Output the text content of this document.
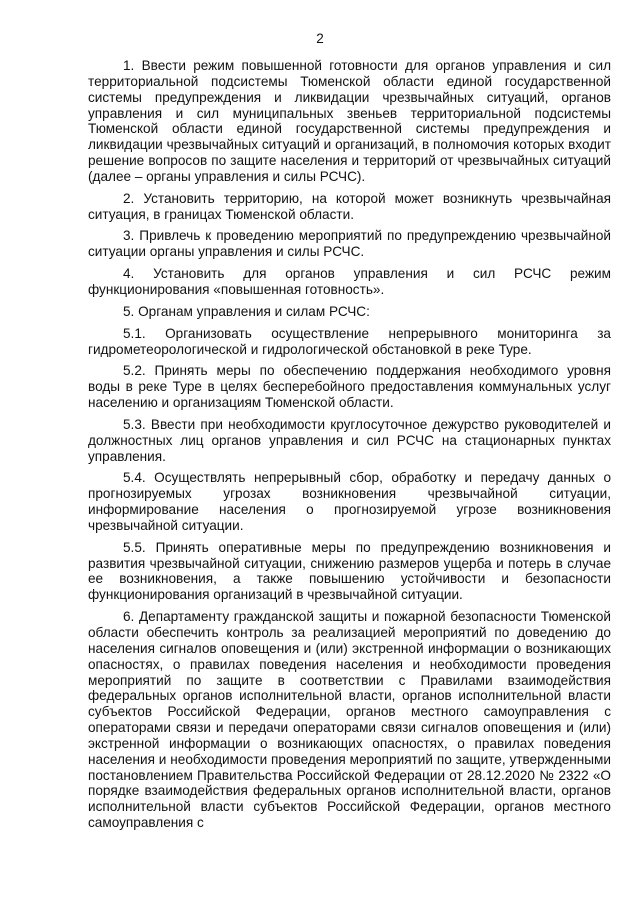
2

1. Ввести режим повышенной готовности для органов управления и сил территориальной подсистемы Тюменской области единой государственной системы предупреждения и ликвидации чрезвычайных ситуаций, органов управления и сил муниципальных звеньев территориальной подсистемы Тюменской области единой государственной системы предупреждения и ликвидации чрезвычайных ситуаций и организаций, в полномочия которых входит решение вопросов по защите населения и территорий от чрезвычайных ситуаций (далее – органы управления и силы РСЧС).

2. Установить территорию, на которой может возникнуть чрезвычайная ситуация, в границах Тюменской области.

3. Привлечь к проведению мероприятий по предупреждению чрезвычайной ситуации органы управления и силы РСЧС.

4. Установить для органов управления и сил РСЧС режим функционирования «повышенная готовность».

5. Органам управления и силам РСЧС:

5.1. Организовать осуществление непрерывного мониторинга за гидрометеорологической и гидрологической обстановкой в реке Туре.

5.2. Принять меры по обеспечению поддержания необходимого уровня воды в реке Туре в целях бесперебойного предоставления коммунальных услуг населению и организациям Тюменской области.

5.3. Ввести при необходимости круглосуточное дежурство руководителей и должностных лиц органов управления и сил РСЧС на стационарных пунктах управления.

5.4. Осуществлять непрерывный сбор, обработку и передачу данных о прогнозируемых угрозах возникновения чрезвычайной ситуации, информирование населения о прогнозируемой угрозе возникновения чрезвычайной ситуации.

5.5. Принять оперативные меры по предупреждению возникновения и развития чрезвычайной ситуации, снижению размеров ущерба и потерь в случае ее возникновения, а также повышению устойчивости и безопасности функционирования организаций в чрезвычайной ситуации.

6. Департаменту гражданской защиты и пожарной безопасности Тюменской области обеспечить контроль за реализацией мероприятий по доведению до населения сигналов оповещения и (или) экстренной информации о возникающих опасностях, о правилах поведения населения и необходимости проведения мероприятий по защите в соответствии с Правилами взаимодействия федеральных органов исполнительной власти, органов исполнительной власти субъектов Российской Федерации, органов местного самоуправления с операторами связи и передачи операторами связи сигналов оповещения и (или) экстренной информации о возникающих опасностях, о правилах поведения населения и необходимости проведения мероприятий по защите, утвержденными постановлением Правительства Российской Федерации от 28.12.2020 № 2322 «О порядке взаимодействия федеральных органов исполнительной власти, органов исполнительной власти субъектов Российской Федерации, органов местного самоуправления с
